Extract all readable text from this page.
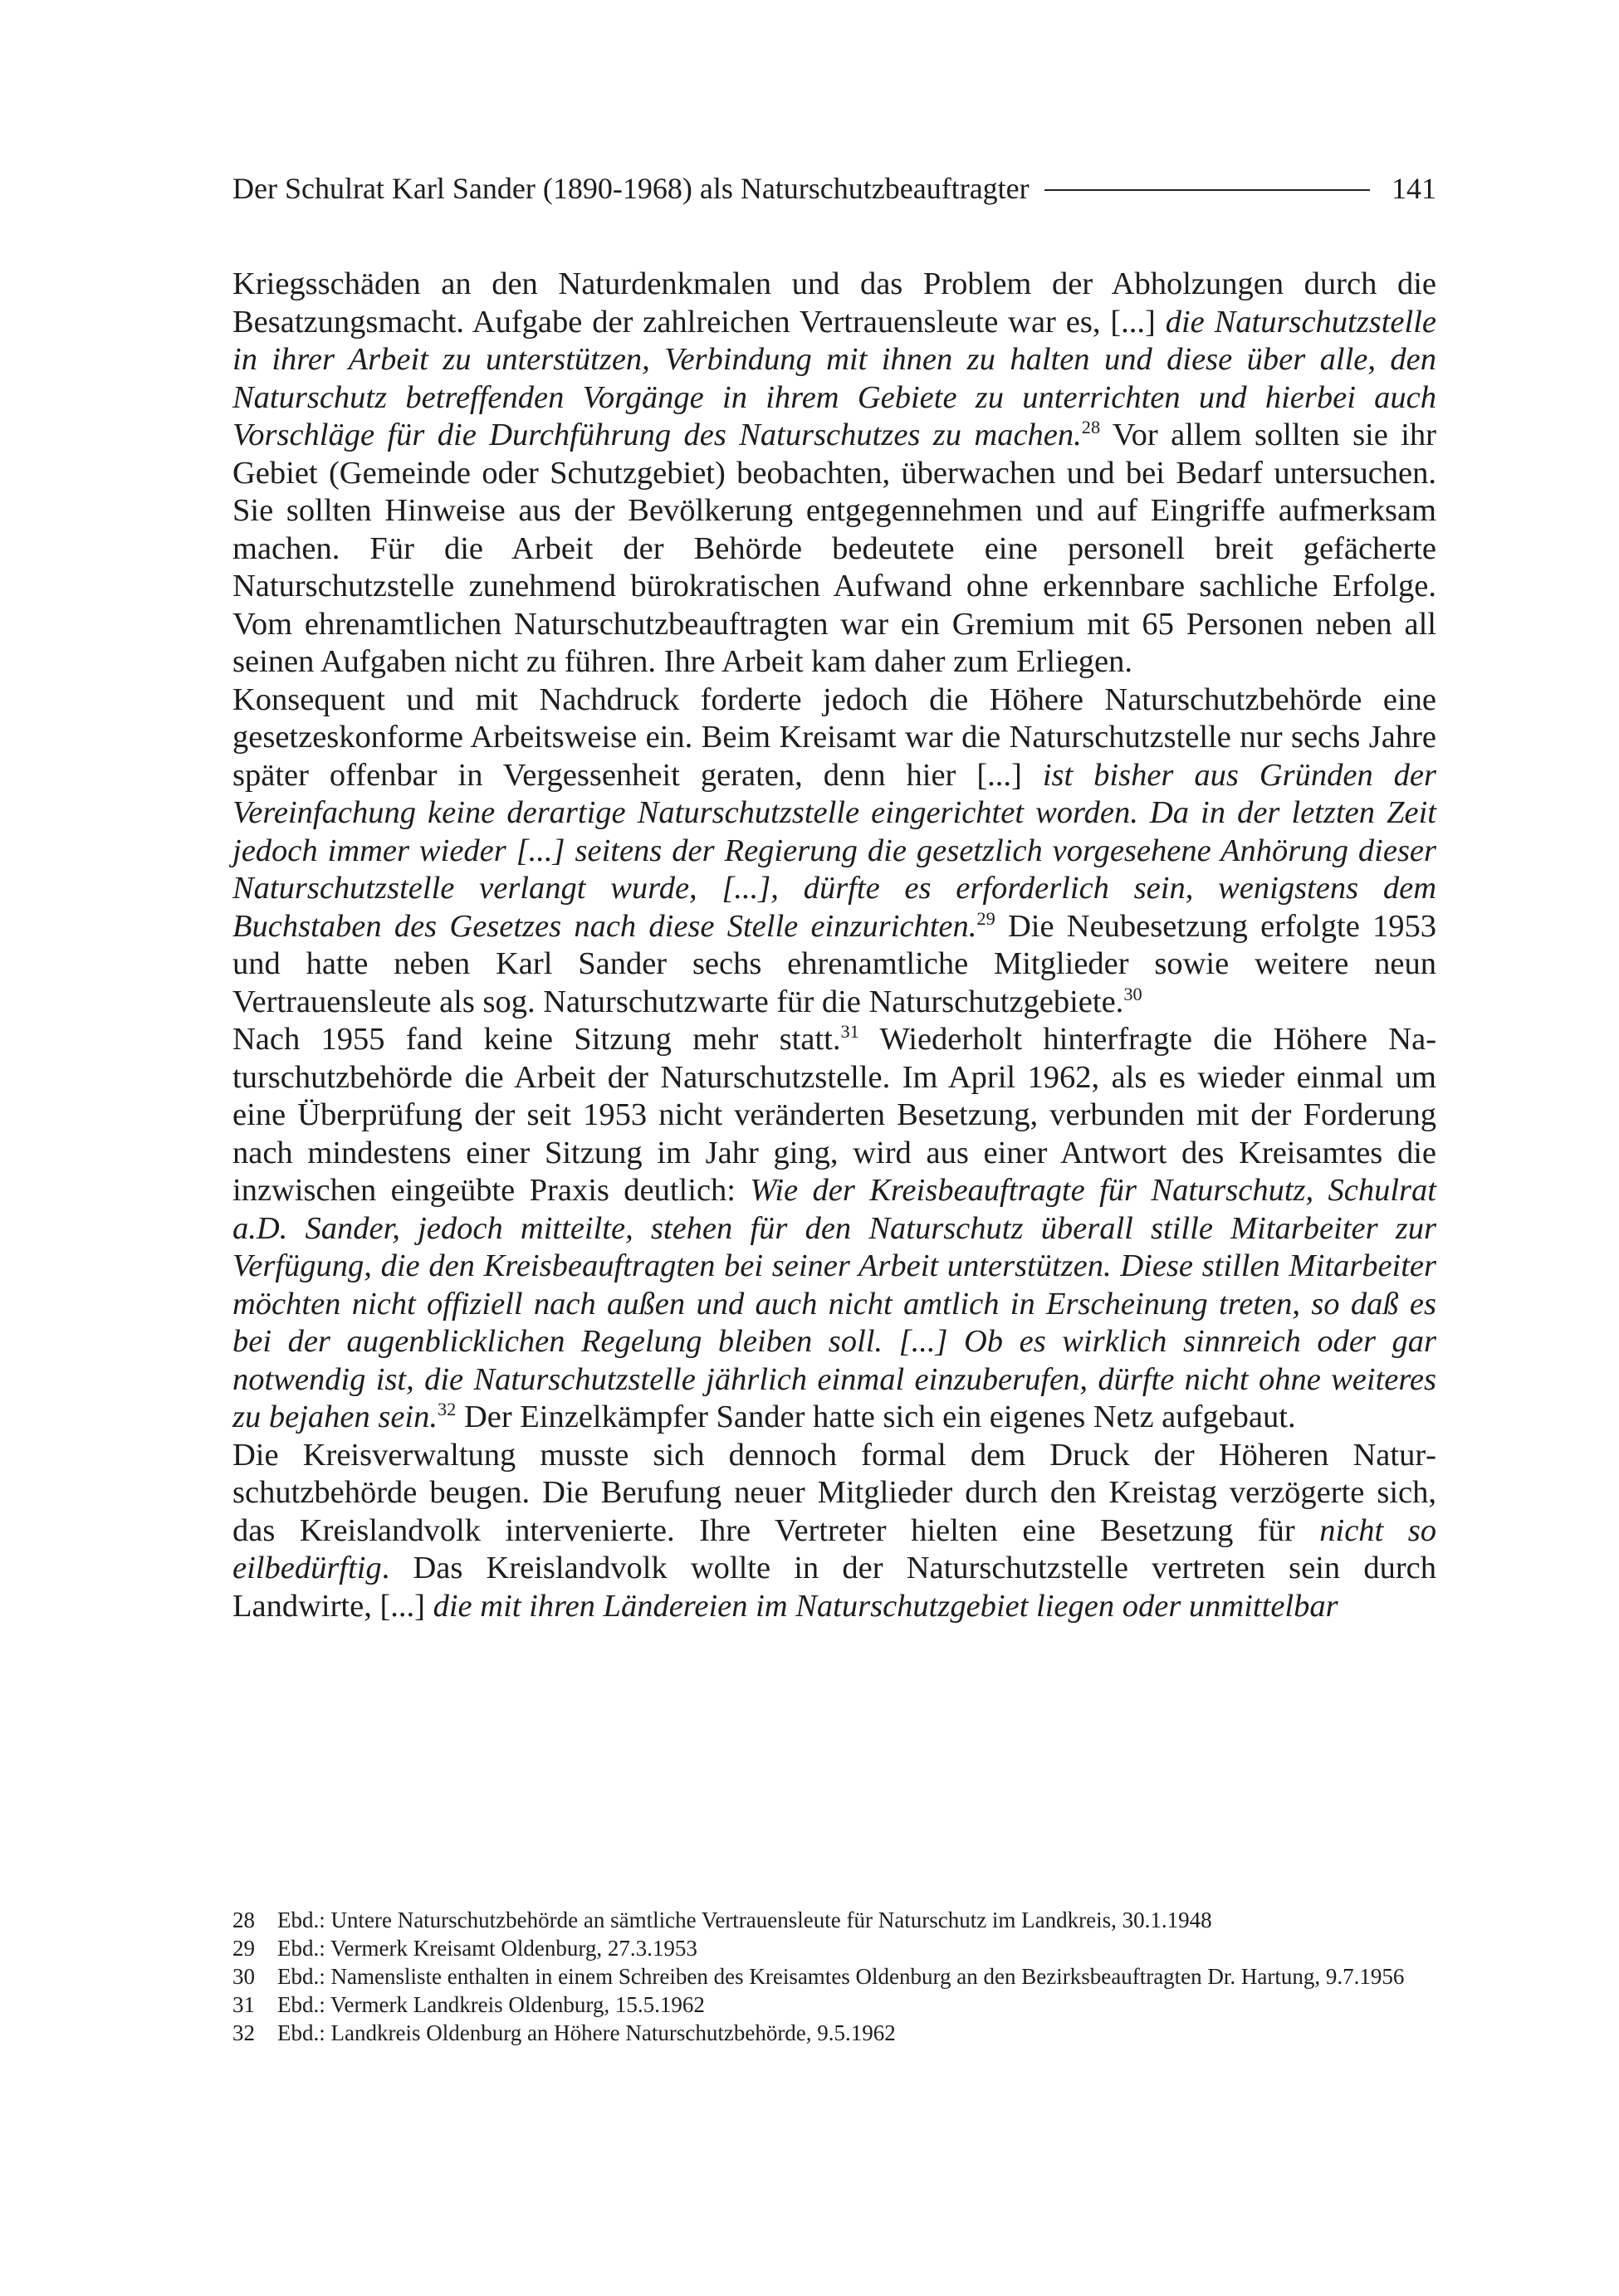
Der Schulrat Karl Sander (1890-1968) als Naturschutzbeauftragter	141

Kriegsschäden an den Naturdenkmalen und das Problem der Abholzungen durch die Besatzungsmacht. Aufgabe der zahlreichen Vertrauensleute war es, [...] die Naturschutzstelle in ihrer Arbeit zu unterstützen, Verbindung mit ihnen zu halten und diese über alle, den Naturschutz betreffenden Vorgänge in ihrem Gebiete zu unterrichten und hierbei auch Vorschläge für die Durchführung des Naturschutzes zu machen.$^{28}$ Vor allem sollten sie ihr Gebiet (Gemeinde oder Schutzgebiet) beobachten, überwachen und bei Bedarf untersuchen. Sie sollten Hinweise aus der Bevölkerung entgegennehmen und auf Eingriffe aufmerksam machen. Für die Arbeit der Behörde bedeutete eine personell breit gefächerte Naturschutzstelle zunehmend bürokratischen Aufwand ohne erkennbare sachliche Erfolge. Vom ehrenamtlichen Naturschutzbeauftragten war ein Gremium mit 65 Personen neben all seinen Aufgaben nicht zu führen. Ihre Arbeit kam daher zum Erliegen.

Konsequent und mit Nachdruck forderte jedoch die Höhere Naturschutzbehörde eine gesetzeskonforme Arbeitsweise ein. Beim Kreisamt war die Naturschutzstelle nur sechs Jahre später offenbar in Vergessenheit geraten, denn hier [...] ist bisher aus Gründen der Vereinfachung keine derartige Naturschutzstelle eingerichtet worden. Da in der letzten Zeit jedoch immer wieder [...] seitens der Regierung die gesetzlich vorgesehene Anhörung dieser Naturschutzstelle verlangt wurde, [...], dürfte es erforderlich sein, wenigstens dem Buchstaben des Gesetzes nach diese Stelle einzurichten.$^{29}$ Die Neubesetzung erfolgte 1953 und hatte neben Karl Sander sechs ehrenamtliche Mitglieder sowie weitere neun Vertrauensleute als sog. Naturschutzwarte für die Naturschutzgebiete.$^{30}$

Nach 1955 fand keine Sitzung mehr statt.$^{31}$ Wiederholt hinterfragte die Höhere Naturschutzbehörde die Arbeit der Naturschutzstelle. Im April 1962, als es wieder einmal um eine Überprüfung der seit 1953 nicht veränderten Besetzung, verbunden mit der Forderung nach mindestens einer Sitzung im Jahr ging, wird aus einer Antwort des Kreisamtes die inzwischen eingeübte Praxis deutlich: Wie der Kreisbeauftragte für Naturschutz, Schulrat a.D. Sander, jedoch mitteilte, stehen für den Naturschutz überall stille Mitarbeiter zur Verfügung, die den Kreisbeauftragten bei seiner Arbeit unterstützen. Diese stillen Mitarbeiter möchten nicht offiziell nach außen und auch nicht amtlich in Erscheinung treten, so daß es bei der augenblicklichen Regelung bleiben soll. [...] Ob es wirklich sinnreich oder gar notwendig ist, die Naturschutzstelle jährlich einmal einzuberufen, dürfte nicht ohne weiteres zu bejahen sein.$^{32}$ Der Einzelkämpfer Sander hatte sich ein eigenes Netz aufgebaut.

Die Kreisverwaltung musste sich dennoch formal dem Druck der Höheren Naturschutzbehörde beugen. Die Berufung neuer Mitglieder durch den Kreistag verzögerte sich, das Kreislandvolk intervenierte. Ihre Vertreter hielten eine Besetzung für nicht so eilbedürftig. Das Kreislandvolk wollte in der Naturschutzstelle vertreten sein durch Landwirte, [...] die mit ihren Ländereien im Naturschutzgebiet liegen oder unmittelbar

28	Ebd.: Untere Naturschutzbehörde an sämtliche Vertrauensleute für Naturschutz im Landkreis, 30.1.1948
29	Ebd.: Vermerk Kreisamt Oldenburg, 27.3.1953
30	Ebd.: Namensliste enthalten in einem Schreiben des Kreisamtes Oldenburg an den Bezirksbeauftragten Dr. Hartung, 9.7.1956
31	Ebd.: Vermerk Landkreis Oldenburg, 15.5.1962
32	Ebd.: Landkreis Oldenburg an Höhere Naturschutzbehörde, 9.5.1962
